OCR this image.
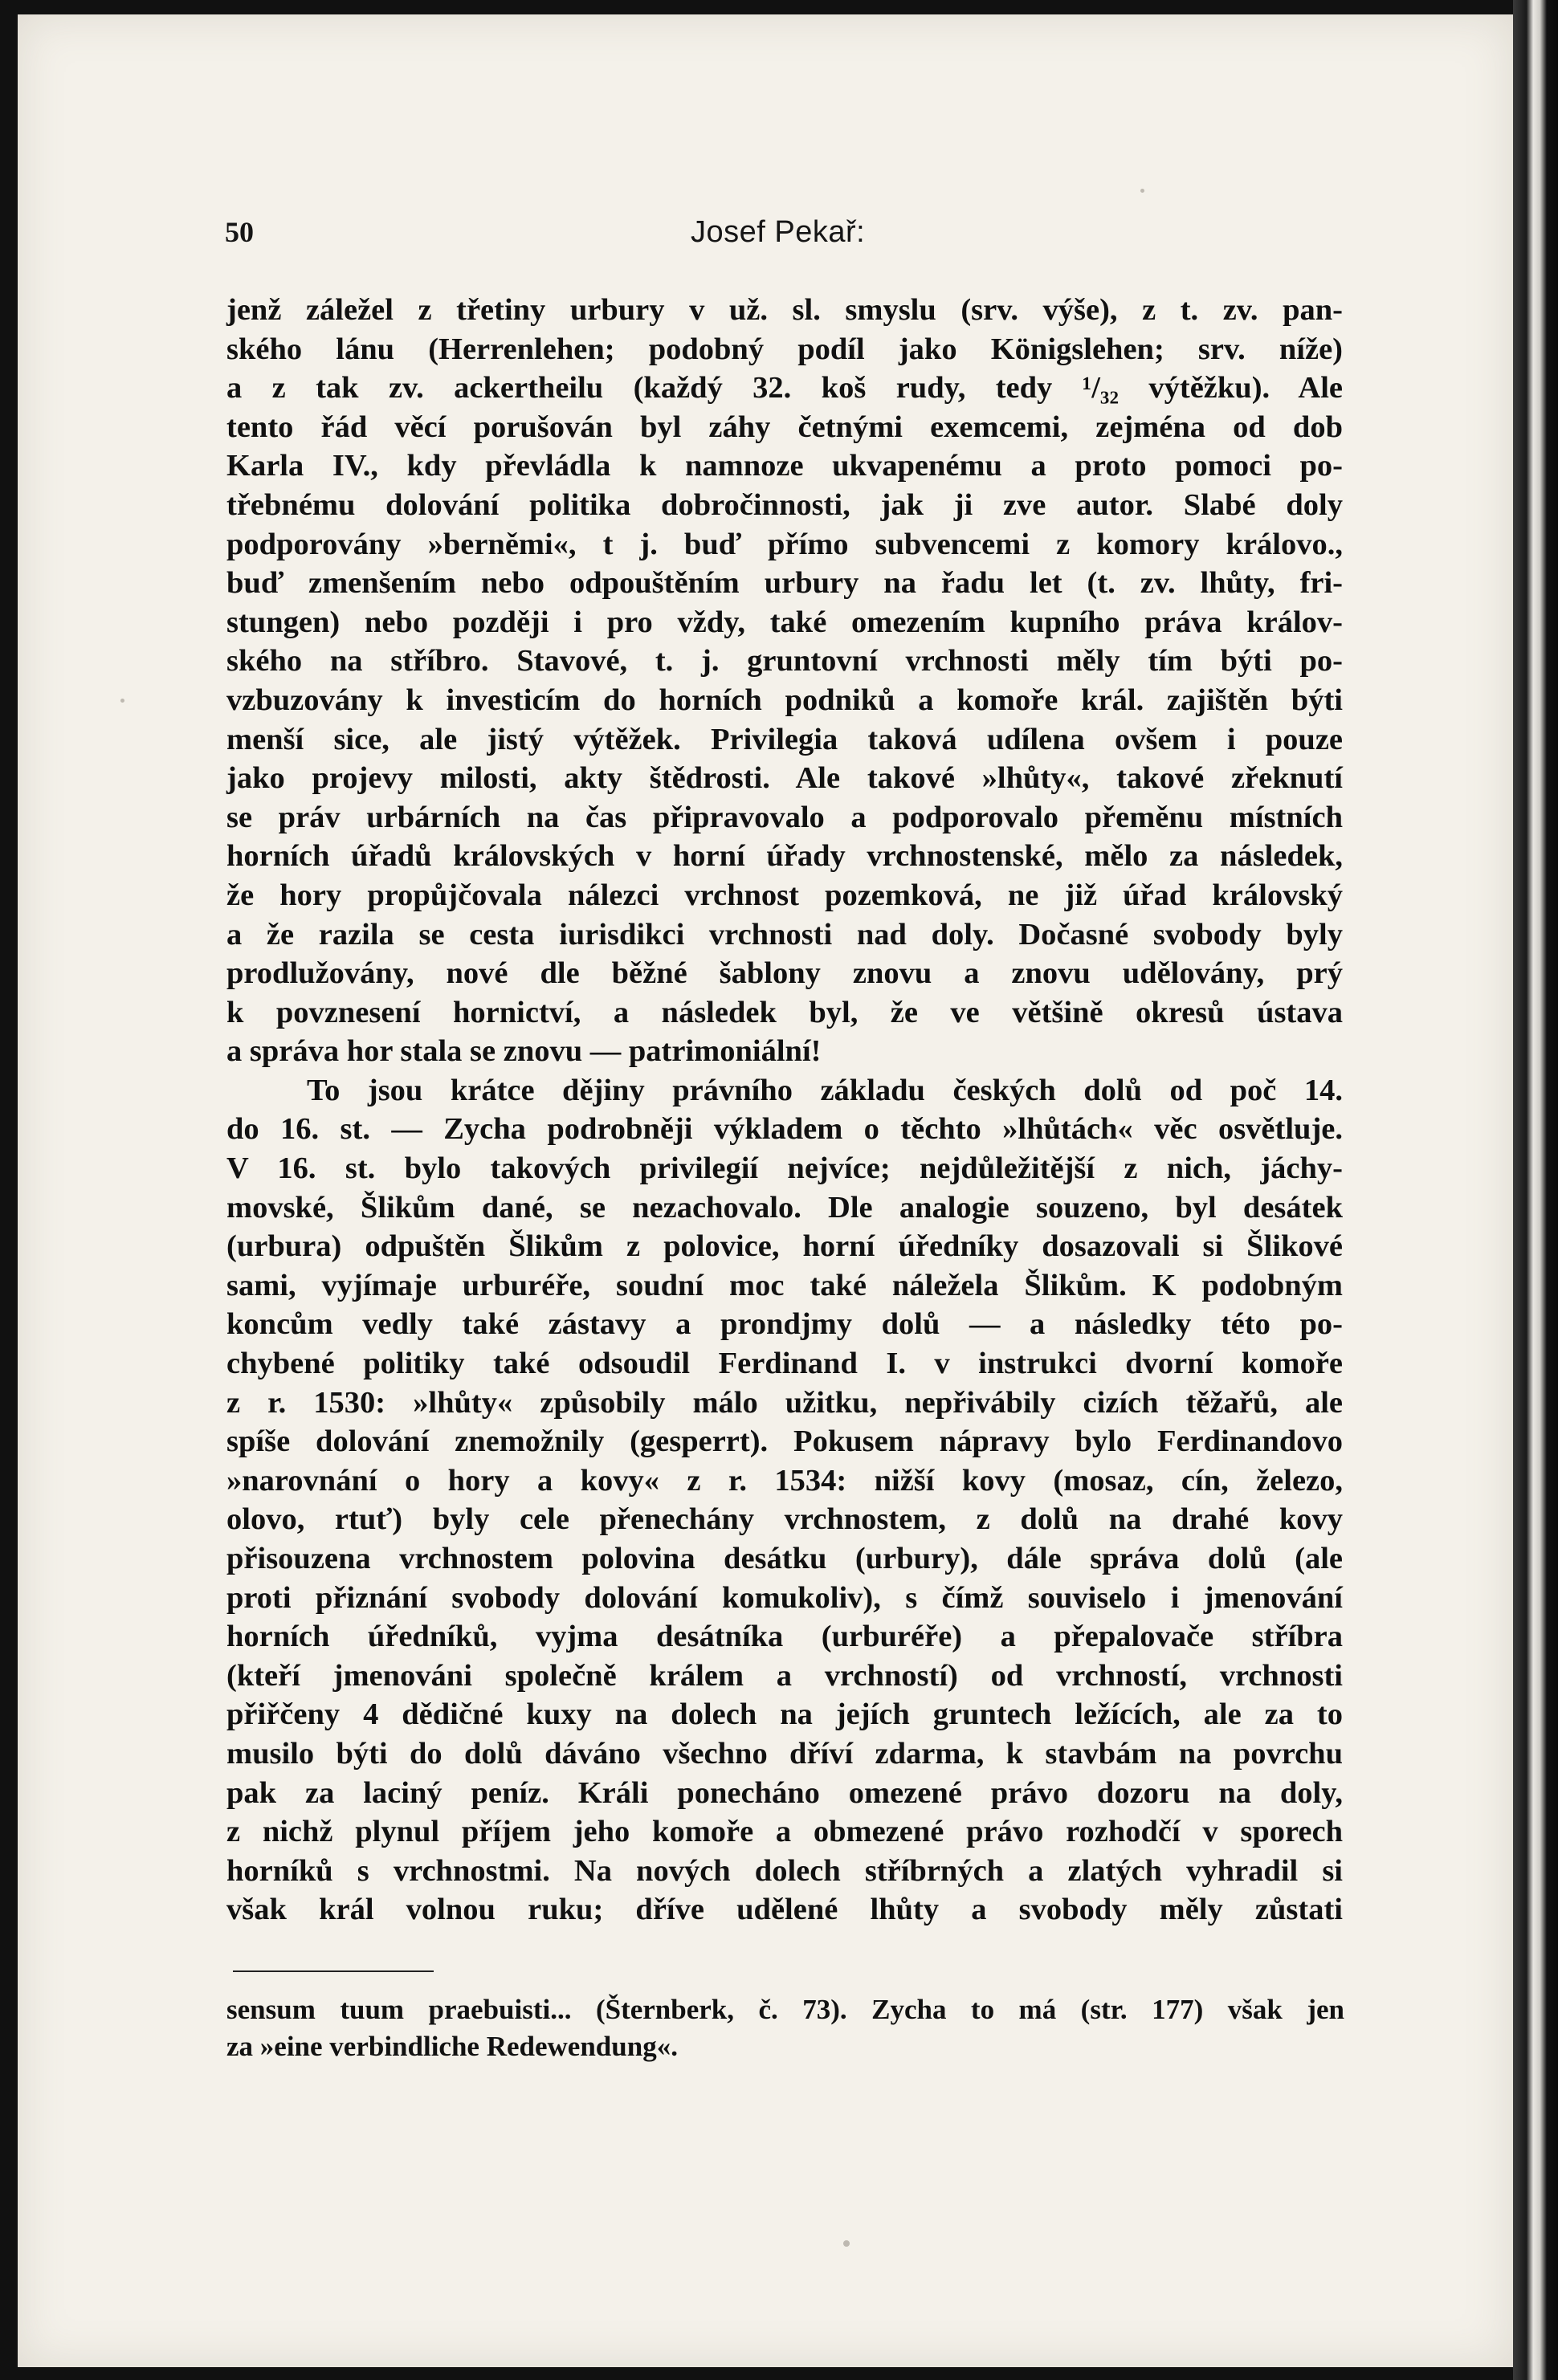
50	Josef Pekař:
jenž záležel z třetiny urbury v už. sl. smyslu (srv. výše), z t. zv. pan-
ského lánu (Herrenlehen; podobný podíl jako Königslehen; srv. níže)
a z tak zv. ackertheilu (každý 32. koš rudy, tedy ¹/₃₂ výtěžku). Ale
tento řád věcí porušován byl záhy četnými exemcemi, zejména od dob
Karla IV., kdy převládla k namnoze ukvapenému a proto pomoci po-
třebnému dolování politika dobročinnosti, jak ji zve autor. Slabé doly
podporovány »berněmi«, t j. buď přímo subvencemi z komory královo.,
buď zmenšením nebo odpouštěním urbury na řadu let (t. zv. lhůty, fri-
stungen) nebo později i pro vždy, také omezením kupního práva králov-
ského na stříbro. Stavové, t. j. gruntovní vrchnosti měly tím býti po-
vzbuzovány k investicím do horních podniků a komoře král. zajištěn býti
menší sice, ale jistý výtěžek. Privilegia taková udílena ovšem i pouze
jako projevy milosti, akty štědrosti. Ale takové »lhůty«, takové zřeknutí
se práv urbárních na čas připravovalo a podporovalo přeměnu místních
horních úřadů královských v horní úřady vrchnostenské, mělo za následek,
že hory propůjčovala nálezci vrchnost pozemková, ne již úřad královský
a že razila se cesta iurisdikci vrchnosti nad doly. Dočasné svobody byly
prodlužovány, nové dle běžné šablony znovu a znovu udělovány, prý
k povznesení hornictví, a následek byl, že ve většině okresů ústava
a správa hor stala se znovu — patrimoniální!
To jsou krátce dějiny právního základu českých dolů od poč 14.
do 16. st. — Zycha podrobněji výkladem o těchto »lhůtách« věc osvětluje.
V 16. st. bylo takových privilegií nejvíce; nejdůležitější z nich, jáchy-
movské, Šlikům dané, se nezachovalo. Dle analogie souzeno, byl desátek
(urbura) odpuštěn Šlikům z polovice, horní úředníky dosazovali si Šlikové
sami, vyjímaje urburéře, soudní moc také náležela Šlikům. K podobným
koncům vedly také zástavy a prondjmy dolů — a následky této po-
chybené politiky také odsoudil Ferdinand I. v instrukci dvorní komoře
z r. 1530: »lhůty« způsobily málo užitku, nepřivábily cizích těžařů, ale
spíše dolování znemožnily (gesperrt). Pokusem nápravy bylo Ferdinandovo
»narovnání o hory a kovy« z r. 1534: nižší kovy (mosaz, cín, železo,
olovo, rtuť) byly cele přenechány vrchnostem, z dolů na drahé kovy
přisouzena vrchnostem polovina desátku (urbury), dále správa dolů (ale
proti přiznání svobody dolování komukoliv), s čímž souviselo i jmenování
horních úředníků, vyjma desátníka (urburéře) a přepalovače stříbra
(kteří jmenováni společně králem a vrchností) od vrchností, vrchnosti
přiřčeny 4 dědičné kuxy na dolech na jejích gruntech ležících, ale za to
musilo býti do dolů dáváno všechno dříví zdarma, k stavbám na povrchu
pak za laciný peníz. Králi ponecháno omezené právo dozoru na doly,
z nichž plynul příjem jeho komoře a obmezené právo rozhodčí v sporech
horníků s vrchnostmi. Na nových dolech stříbrných a zlatých vyhradil si
však král volnou ruku; dříve udělené lhůty a svobody měly zůstati
sensum tuum praebuisti... (Šternberk, č. 73). Zycha to má (str. 177) však jen
za »eine verbindliche Redewendung«.
